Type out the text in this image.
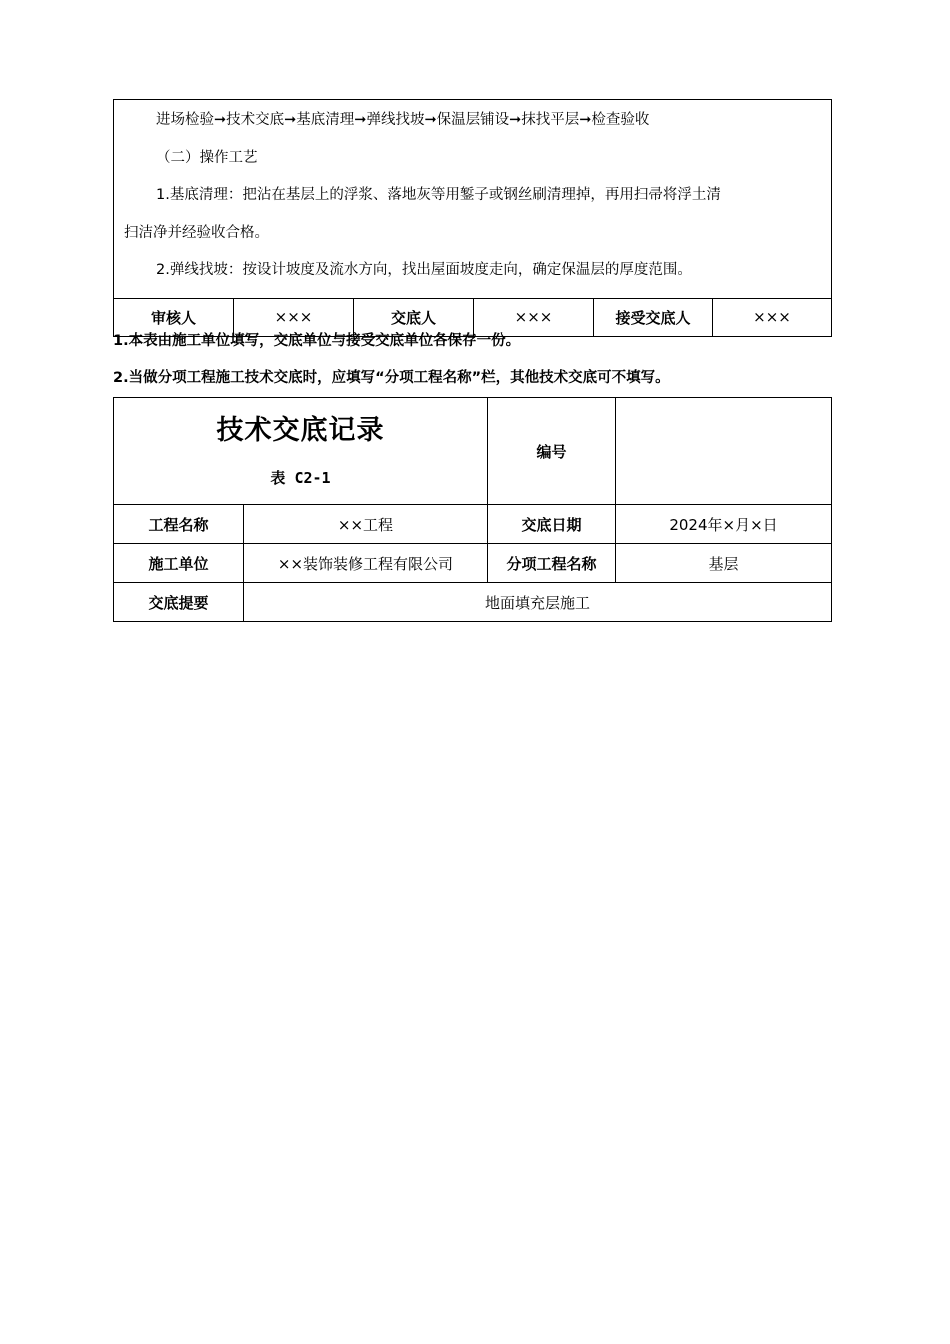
进场检验➞技术交底➞基底清理➞弹线找坡➞保温层铺设➞抹找平层➞检查验收

（二）操作工艺

1.基底清理：把沾在基层上的浮浆、落地灰等用錾子或钢丝刷清理掉，再用扫帚将浮土清

扫洁净并经验收合格。

2.弹线找坡：按设计坡度及流水方向，找出屋面坡度走向，确定保温层的厚度范围。

审核人	×××	交底人	×××	接受交底人	×××
1.本表由施工单位填写，交底单位与接受交底单位各保存一份。
2.当做分项工程施工技术交底时，应填写“分项工程名称”栏，其他技术交底可不填写。
技术交底记录
表 C2-1		编号	
工程名称	××工程	交底日期	2024年×月×日
施工单位	××装饰装修工程有限公司	分项工程名称	基层
交底提要	地面填充层施工		
